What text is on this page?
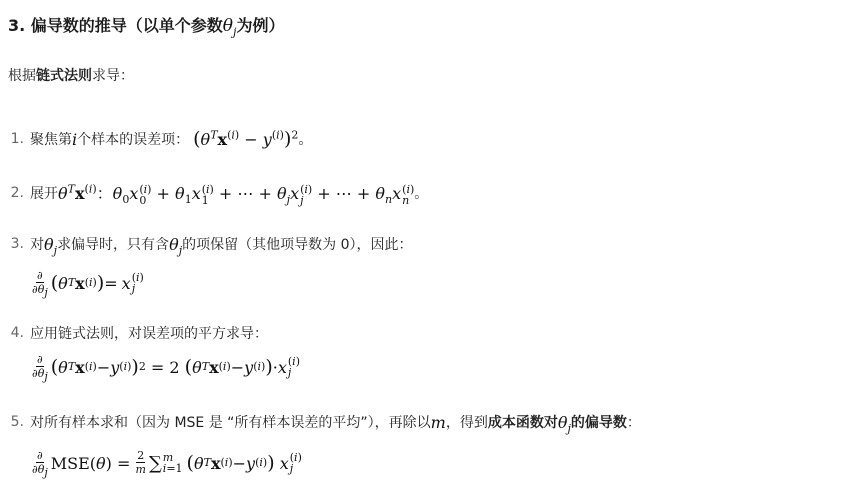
3. 偏导数的推导（以单个参数$\theta_j$为例）
根据链式法则求导：
1. 聚焦第 i 个样本的误差项： $(\theta^Tx^{(i)} - y^{(i)})^2$ 。
2. 展开 $\theta^Tx^{(i)}$：$\theta_0x$ (i)
$0 + \theta_1x$ (i)
1 + ⋯ + $\theta_jx$ (i)
j + ⋯ + $\theta_nx$ (i)
n 。
3. 对 $\theta_j$ 求偏导时，只有含 $\theta_j$ 的项保留（其他项导数为 0），因此：
$\frac{\partial}{\partial\theta_j}$ ( θ T x (i) ) = x (i)
j
4. 应用链式法则，对误差项的平方求导：
$\frac{\partial}{\partial\theta_j}$ ( θ T x (i) − y (i) ) 2 = 2 ( θ T x (i) − y (i) ) · x (i)
j
5. 对所有样本求和（因为 MSE 是 “所有样本误差的平均”），再除以 m ，得到 成本函数对 $\theta_j$ 的偏导数 ：
$\frac{\partial}{\partial\theta_j}$ MSE ( θ ) = $\frac{2}{m}$ ∑ m
i=1 ( θ T x (i) − y (i) )
x (i)
j
